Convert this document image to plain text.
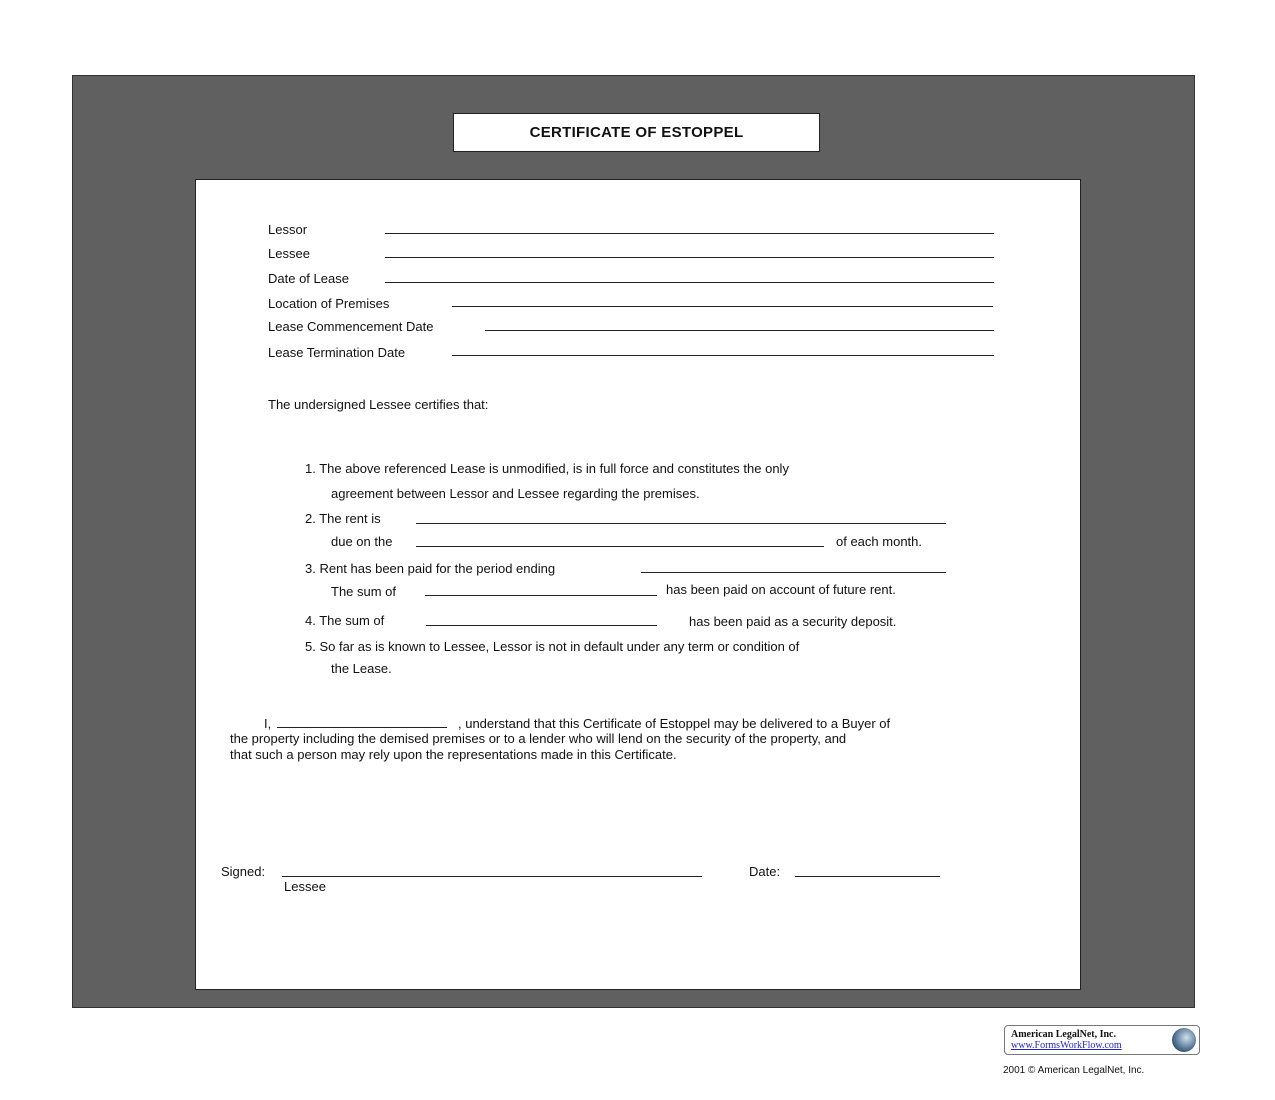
CERTIFICATE OF ESTOPPEL
Lessor
Lessee
Date of Lease
Location of Premises
Lease Commencement Date
Lease Termination Date
The undersigned Lessee certifies that:
1. The above referenced Lease is unmodified, is in full force and constitutes the only
agreement between Lessor and Lessee regarding the premises.
2. The rent is
due on the	of each month.
3. Rent has been paid for the period ending
The sum of	has been paid on account of future rent.
4. The sum of	has been paid as a security deposit.
5. So far as is known to Lessee, Lessor is not in default under any term or condition of
the Lease.
I,	, understand that this Certificate of Estoppel may be delivered to a Buyer of
the property including the demised premises or to a lender who will lend on the security of the property, and
that such a person may rely upon the representations made in this Certificate.
Signed:
Lessee
Date:
American LegalNet, Inc.
www.FormsWorkFlow.com
2001 © American LegalNet, Inc.
